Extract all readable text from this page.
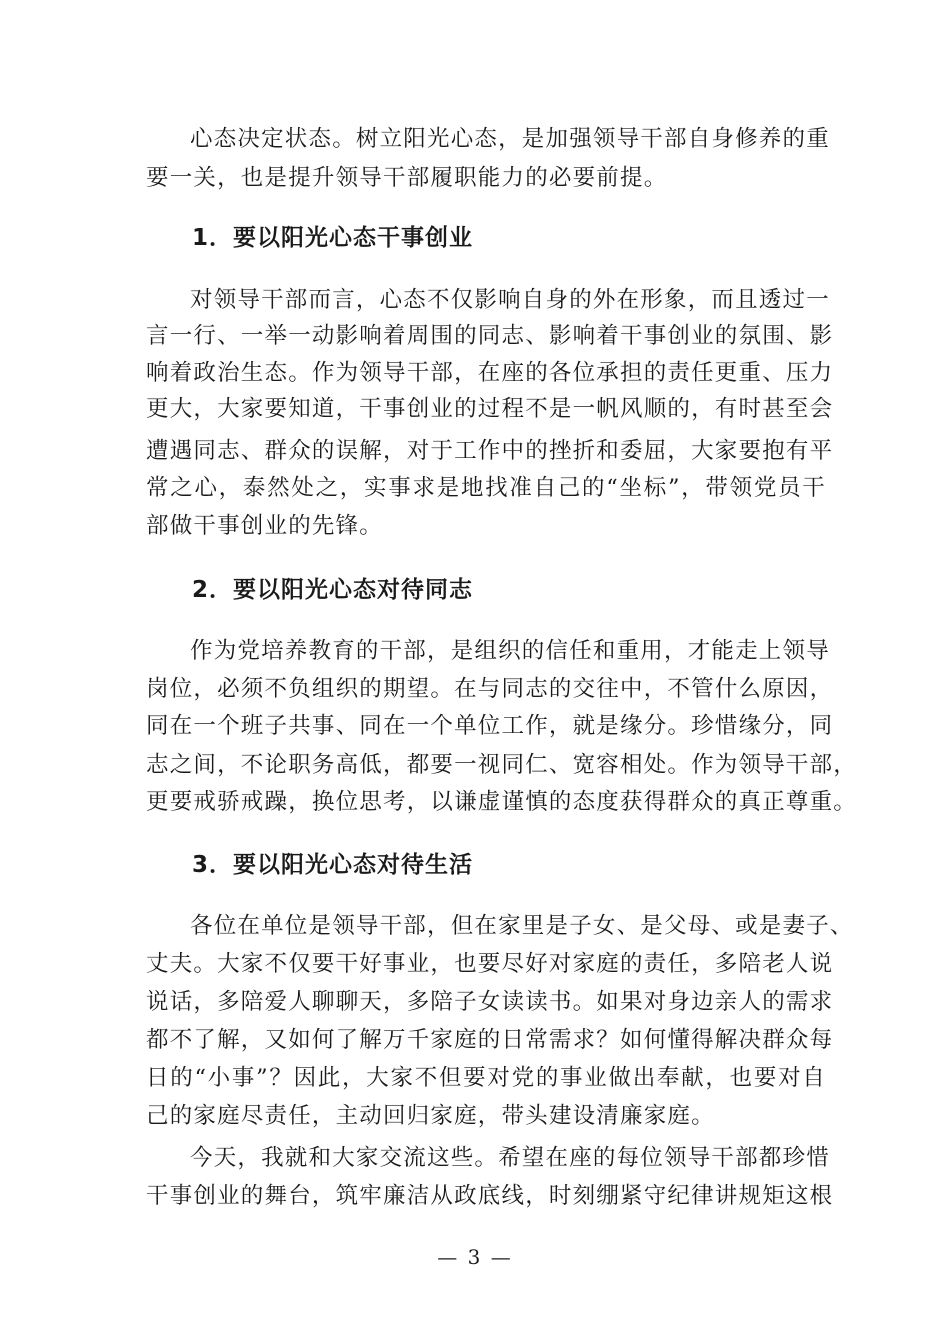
心态决定状态。树立阳光心态，是加强领导干部自身修养的重
要一关，也是提升领导干部履职能力的必要前提。
1．要以阳光心态干事创业
对领导干部而言，心态不仅影响自身的外在形象，而且透过一
言一行、一举一动影响着周围的同志、影响着干事创业的氛围、影
响着政治生态。作为领导干部，在座的各位承担的责任更重、压力
更大，大家要知道，干事创业的过程不是一帆风顺的，有时甚至会
遭遇同志、群众的误解，对于工作中的挫折和委屈，大家要抱有平
常之心，泰然处之，实事求是地找准自己的“坐标”，带领党员干
部做干事创业的先锋。
2．要以阳光心态对待同志
作为党培养教育的干部，是组织的信任和重用，才能走上领导
岗位，必须不负组织的期望。在与同志的交往中，不管什么原因，
同在一个班子共事、同在一个单位工作，就是缘分。珍惜缘分，同
志之间，不论职务高低，都要一视同仁、宽容相处。作为领导干部，
更要戒骄戒躁，换位思考，以谦虚谨慎的态度获得群众的真正尊重。
3．要以阳光心态对待生活
各位在单位是领导干部，但在家里是子女、是父母、或是妻子、
丈夫。大家不仅要干好事业，也要尽好对家庭的责任，多陪老人说
说话，多陪爱人聊聊天，多陪子女读读书。如果对身边亲人的需求
都不了解，又如何了解万千家庭的日常需求？如何懂得解决群众每
日的“小事”？因此，大家不但要对党的事业做出奉献，也要对自
己的家庭尽责任，主动回归家庭，带头建设清廉家庭。
今天，我就和大家交流这些。希望在座的每位领导干部都珍惜
干事创业的舞台，筑牢廉洁从政底线，时刻绷紧守纪律讲规矩这根
— 3 —
